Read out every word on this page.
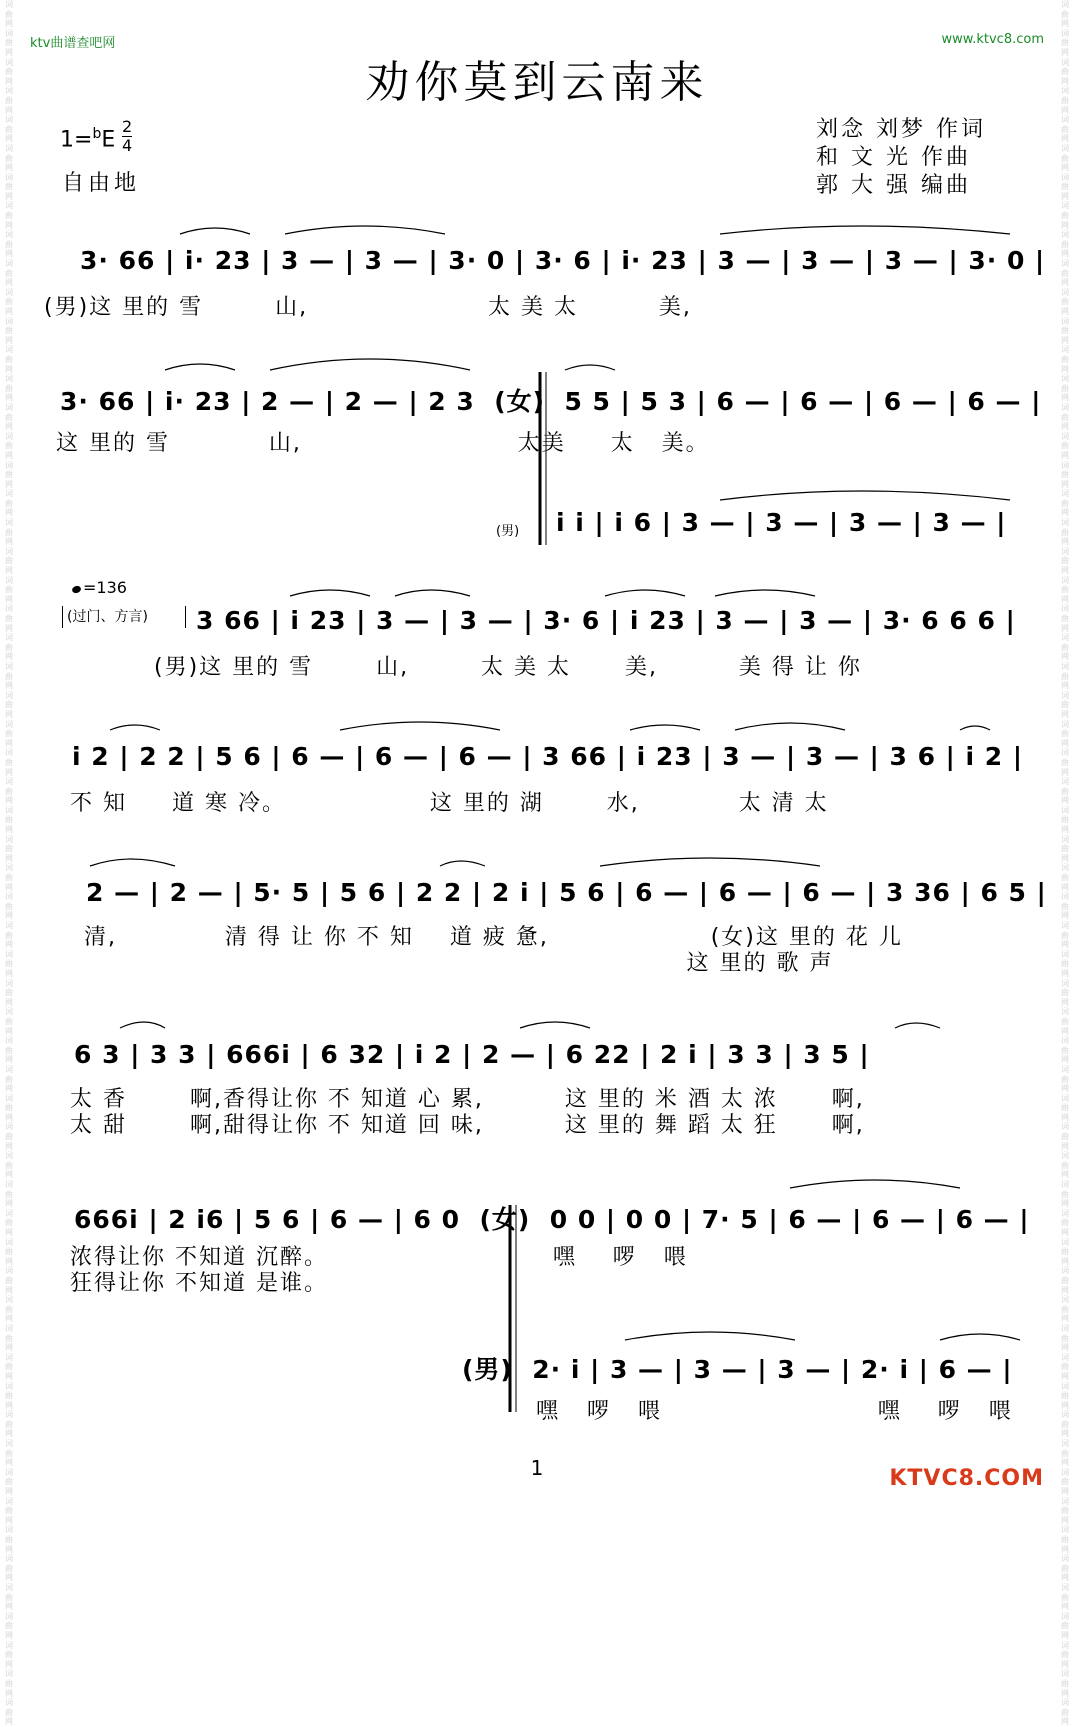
词曲网 词曲网 词曲网 词曲网 词曲网 词曲网 词曲网 词曲网 词曲网 词曲网 词曲网 词曲网 词曲网 词曲网 词曲网 词曲网 词曲网 词曲网 词曲网 词曲网 词曲网 词曲网 词曲网 词曲网 词曲网 词曲网 词曲网 词曲网 词曲网 词曲网 词曲网 词曲网 词曲网 词曲网 词曲网 词曲网 词曲网 词曲网 词曲网 词曲网 词曲网 词曲网 词曲网 词曲网 词曲网 词曲网 词曲网 词曲网 词曲网 词曲网 词曲网 词曲网 词曲网 词曲网 词曲网 词曲网 词曲网 词曲网 词曲网 词曲网
词曲网 词曲网 词曲网 词曲网 词曲网 词曲网 词曲网 词曲网 词曲网 词曲网 词曲网 词曲网 词曲网 词曲网 词曲网 词曲网 词曲网 词曲网 词曲网 词曲网 词曲网 词曲网 词曲网 词曲网 词曲网 词曲网 词曲网 词曲网 词曲网 词曲网 词曲网 词曲网 词曲网 词曲网 词曲网 词曲网 词曲网 词曲网 词曲网 词曲网 词曲网 词曲网 词曲网 词曲网 词曲网 词曲网 词曲网 词曲网 词曲网 词曲网 词曲网 词曲网 词曲网 词曲网 词曲网 词曲网 词曲网 词曲网 词曲网 词曲网
ktv曲谱查吧网	www.ktvc8.com
劝你莫到云南来
$1=^bE \frac{2}{4}$
自由地
刘念 刘梦 作词
和 文 光 作曲
郭 大 强 编曲
=136
(过门、方言)
3· 66 | i· 23 | 3 — | 3 — | 3· 0 | 3· 6 | i· 23 | 3 — | 3 — | 3 — | 3· 0 |
(男)这 里的 雪        山,                    太 美 太         美,
3· 66 | i· 23 | 2 — | 2 — | 2 3  (女)  5 5 | 5 3 | 6 — | 6 — | 6 — | 6 — |
这 里的 雪           山,                        太美     太   美。
(男) i i | i 6 | 3 — | 3 — | 3 — | 3 — |
3 66 | i 23 | 3 — | 3 — | 3· 6 | i 23 | 3 — | 3 — | 3· 6 6 6 |
(男)这 里的 雪       山,        太 美 太      美,         美 得 让 你
i 2 | 2 2 | 5 6 | 6 — | 6 — | 6 — | 3 66 | i 23 | 3 — | 3 — | 3 6 | i 2 |
不 知     道 寒 冷。                这 里的 湖       水,           太 清 太
2 — | 2 — | 5· 5 | 5 6 | 2 2 | 2 i | 5 6 | 6 — | 6 — | 6 — | 3 36 | 6 5 |
清,            清 得 让 你 不 知    道 疲 惫,                  (女)这 里的 花 儿
这 里的 歌 声
6 3 | 3 3 | 666i | 6 32 | i 2 | 2 — | 6 22 | 2 i | 3 3 | 3 5 |
太 香       啊,香得让你 不 知道 心 累,         这 里的 米 酒 太 浓      啊,
太 甜       啊,甜得让你 不 知道 回 味,         这 里的 舞 蹈 太 狂      啊,
666i | 2 i6 | 5 6 | 6 — | 6 0  (女)  0 0 | 0 0 | 7· 5 | 6 — | 6 — | 6 — |
浓得让你 不知道 沉醉。                         嘿    啰   喂
狂得让你 不知道 是谁。
(男)  2· i | 3 — | 3 — | 3 — | 2· i | 6 — |
嘿   啰   喂                        嘿    啰   喂
1	KTVC8.COM
